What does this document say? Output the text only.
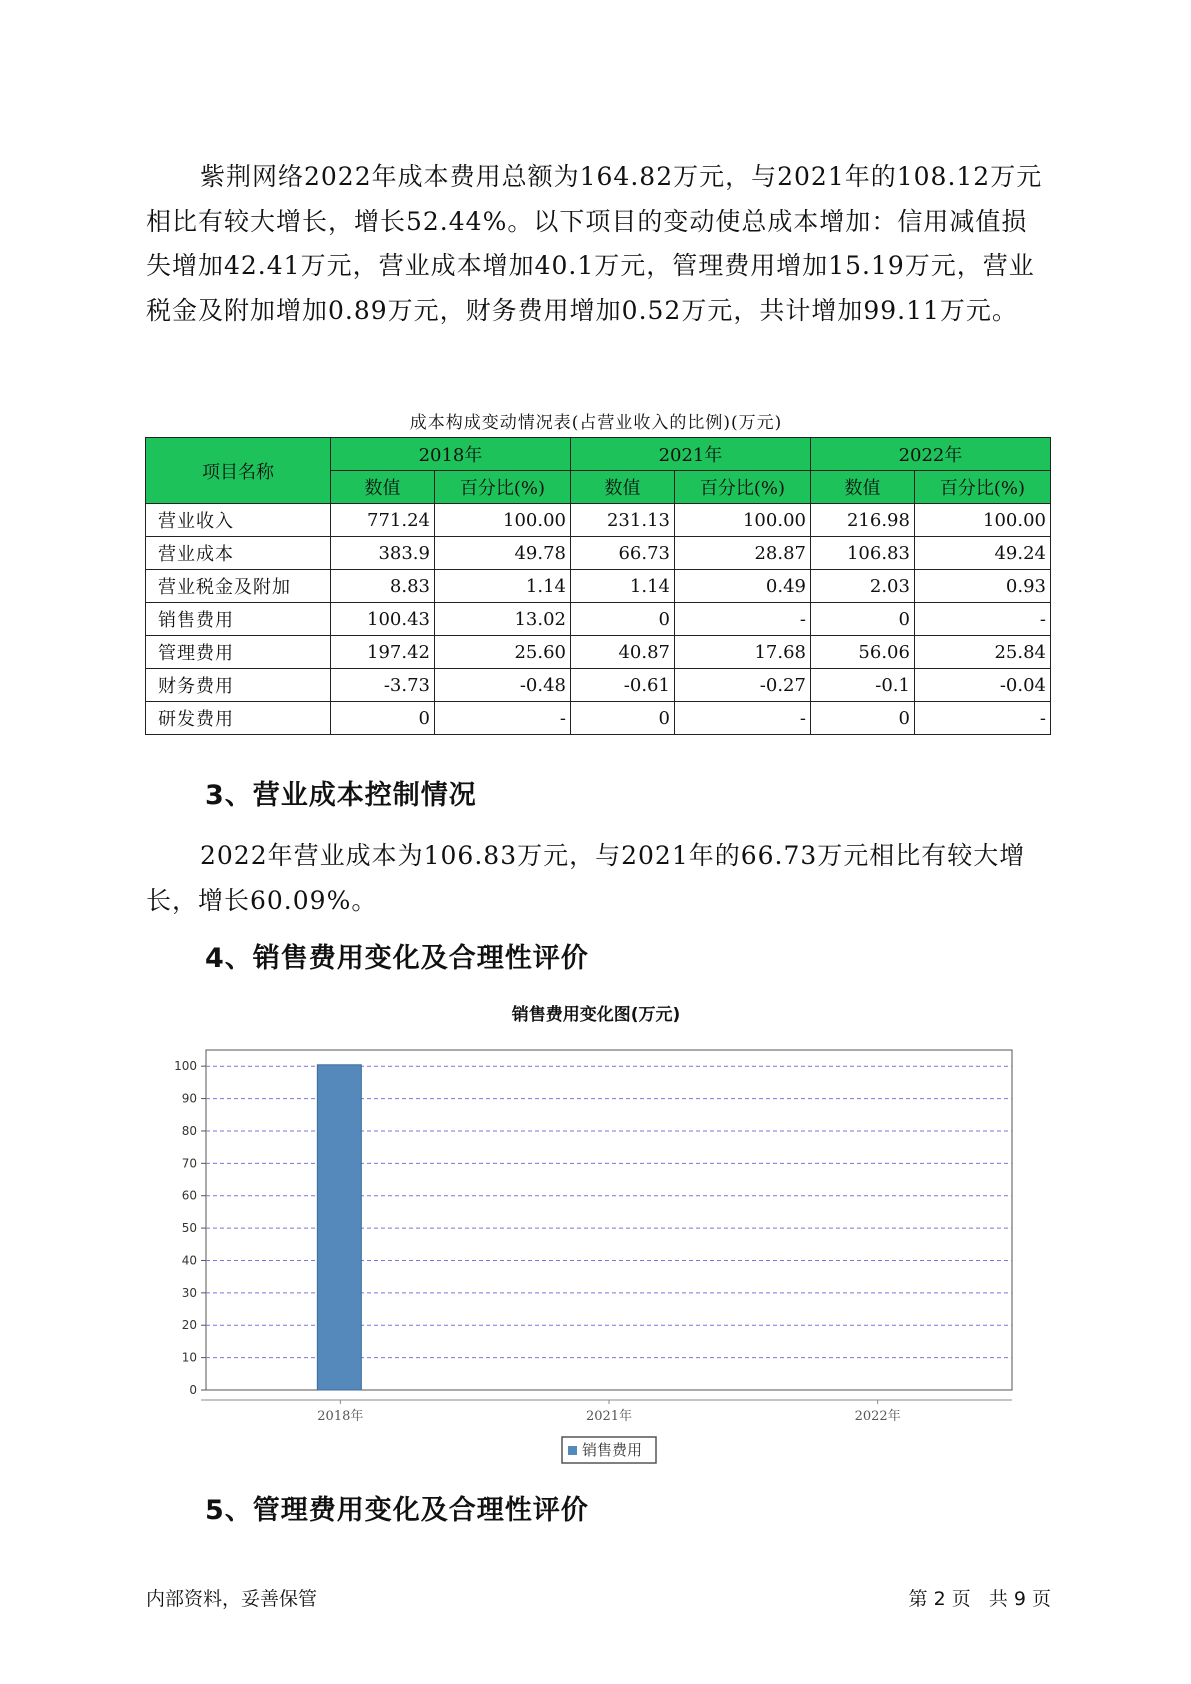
紫荆网络2022年成本费用总额为164.82万元，与2021年的108.12万元相比有较大增长，增长52.44%。以下项目的变动使总成本增加：信用减值损失增加42.41万元，营业成本增加40.1万元，管理费用增加15.19万元，营业税金及附加增加0.89万元，财务费用增加0.52万元，共计增加99.11万元。

成本构成变动情况表(占营业收入的比例)(万元)
项目名称	2018年		2021年		2022年	
	数值	百分比(%)	数值	百分比(%)	数值	百分比(%)
营业收入	771.24	100.00	231.13	100.00	216.98	100.00
营业成本	383.9	49.78	66.73	28.87	106.83	49.24
营业税金及附加	8.83	1.14	1.14	0.49	2.03	0.93
销售费用	100.43	13.02	0	-	0	-
管理费用	197.42	25.60	40.87	17.68	56.06	25.84
财务费用	-3.73	-0.48	-0.61	-0.27	-0.1	-0.04
研发费用	0	-	0	-	0	-
3、营业成本控制情况

2022年营业成本为106.83万元，与2021年的66.73万元相比有较大增长，增长60.09%。

4、销售费用变化及合理性评价
销售费用变化图(万元)
0
10
20
30
40
50
60
70
80
90
100
2018年	2021年	2022年
销售费用
5、管理费用变化及合理性评价
内部资料，妥善保管	第 2 页   共 9 页
